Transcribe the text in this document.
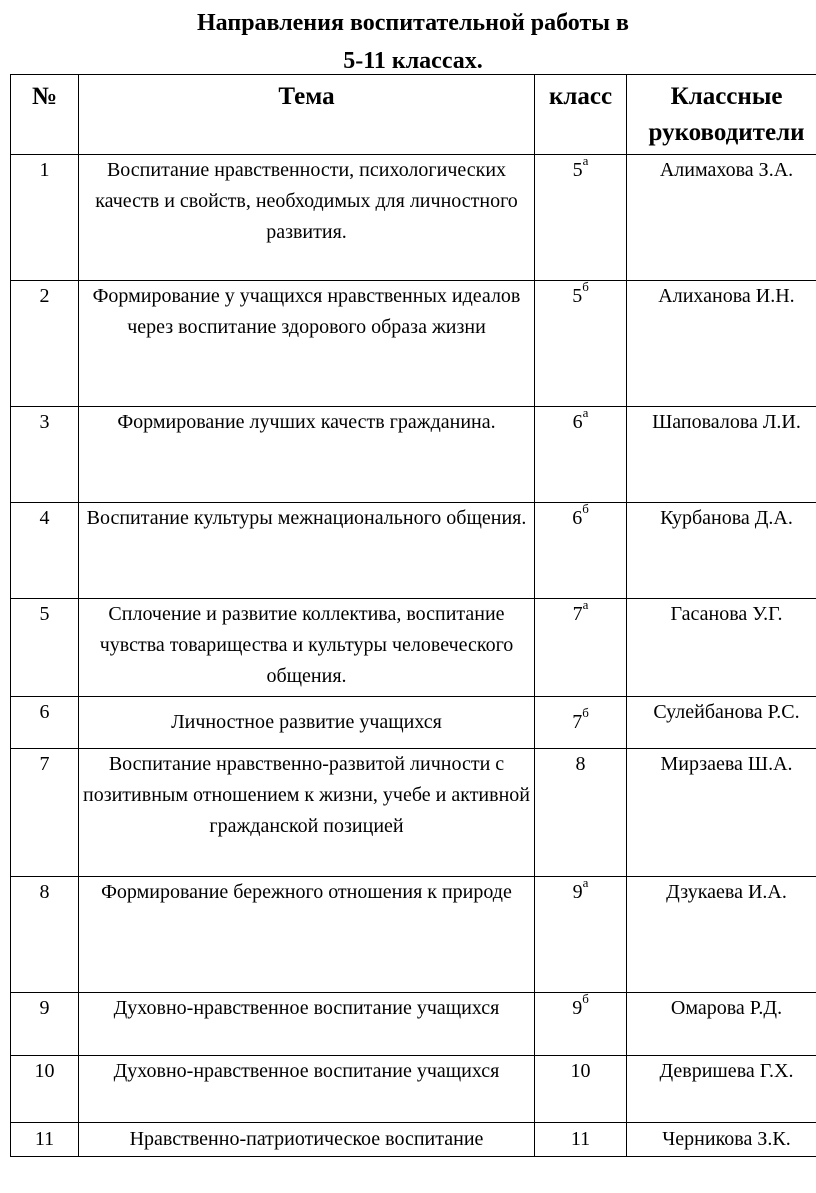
Направления воспитательной работы в
5-11 классах.
№	Тема	класс	Классные
руководители
1	Воспитание нравственности, психологических качеств и свойств, необходимых для личностного развития.	$5^а$	Алимахова З.А.
2	Формирование у учащихся нравственных идеалов через воспитание здорового образа жизни	$5^б$	Алиханова И.Н.
3	Формирование лучших качеств гражданина.	$6^а$	Шаповалова Л.И.
4	Воспитание культуры межнационального общения.	$6^б$	Курбанова Д.А.
5	Сплочение и развитие коллектива, воспитание чувства товарищества и культуры человеческого общения.	$7^а$	Гасанова У.Г.
6	Личностное развитие учащихся	$7^б$	Сулейбанова Р.С.
7	Воспитание нравственно-развитой личности с позитивным отношением к жизни, учебе и активной гражданской позицией	8	Мирзаева Ш.А.
8	Формирование бережного отношения к природе	$9^а$	Дзукаева И.А.
9	Духовно-нравственное воспитание учащихся	$9^б$	Омарова Р.Д.
10	Духовно-нравственное воспитание учащихся	10	Девришева Г.Х.
11	Нравственно-патриотическое воспитание	11	Черникова З.К.
